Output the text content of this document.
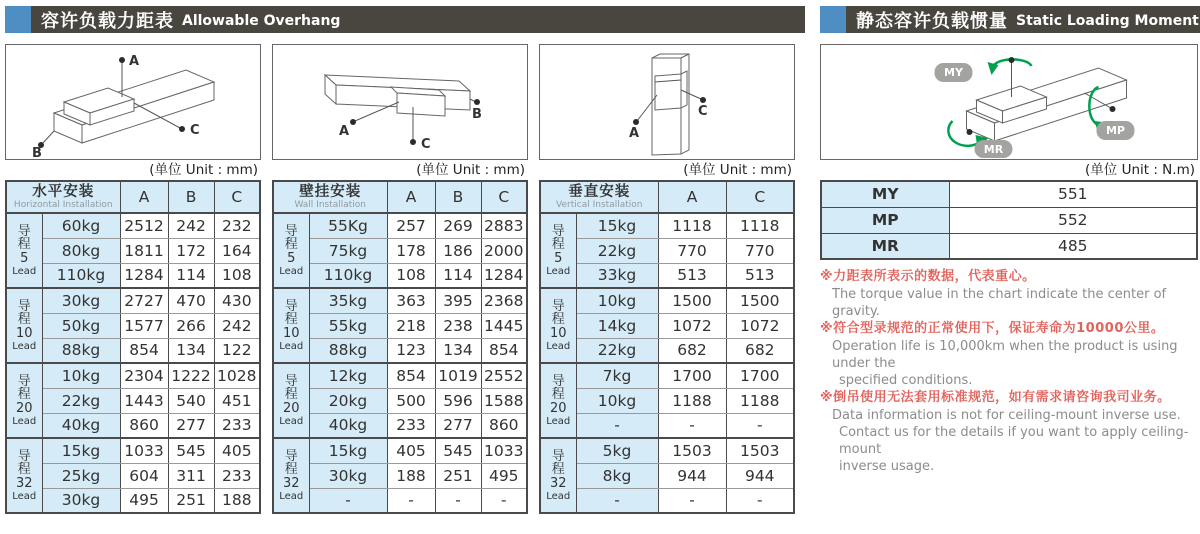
容许负载力距表 Allowable Overhang
A
B
C
(单位 Unit : mm)
水平安装
Horizontal Installation		A	B	C

导
程
5
Lead	60kg	2512	242	232
	80kg	1811	172	164
	110kg	1284	114	108

导
程
10
Lead	30kg	2727	470	430
	50kg	1577	266	242
	88kg	854	134	122

导
程
20
Lead	10kg	2304	1222	1028
	22kg	1443	540	451
	40kg	860	277	233

导
程
32
Lead	15kg	1033	545	405
	25kg	604	311	233
	30kg	495	251	188
A
B
C
(单位 Unit : mm)
壁挂安装
Wall Installation		A	B	C

导
程
5
Lead	55Kg	257	269	2883
	75kg	178	186	2000
	110kg	108	114	1284

导
程
10
Lead	35kg	363	395	2368
	55kg	218	238	1445
	88kg	123	134	854

导
程
20
Lead	12kg	854	1019	2552
	20kg	500	596	1588
	40kg	233	277	860

导
程
32
Lead	15kg	405	545	1033
	30kg	188	251	495
	-	-	-	-
A
C
(单位 Unit : mm)
垂直安装
Vertical Installation		A	C

导
程
5
Lead	15kg	1118	1118
	22kg	770	770
	33kg	513	513

导
程
10
Lead	10kg	1500	1500
	14kg	1072	1072
	22kg	682	682

导
程
20
Lead	7kg	1700	1700
	10kg	1188	1188
	-	-	-

导
程
32
Lead	5kg	1503	1503
	8kg	944	944
	-	-	-
静态容许负载惯量 Static Loading Moment
MY
MP
MR
(单位 Unit : N.m)
MY	551
MP	552
MR	485
※力距表所表示的数据，代表重心。
The torque value in the chart indicate the center of gravity.
※符合型录规范的正常使用下，保证寿命为10000公里。
Operation life is 10,000km when the product is using under the
specified conditions.
※倒吊使用无法套用标准规范，如有需求请咨询我司业务。
Data information is not for ceiling-mount inverse use.
Contact us for the details if you want to apply ceiling-mount
inverse usage.
